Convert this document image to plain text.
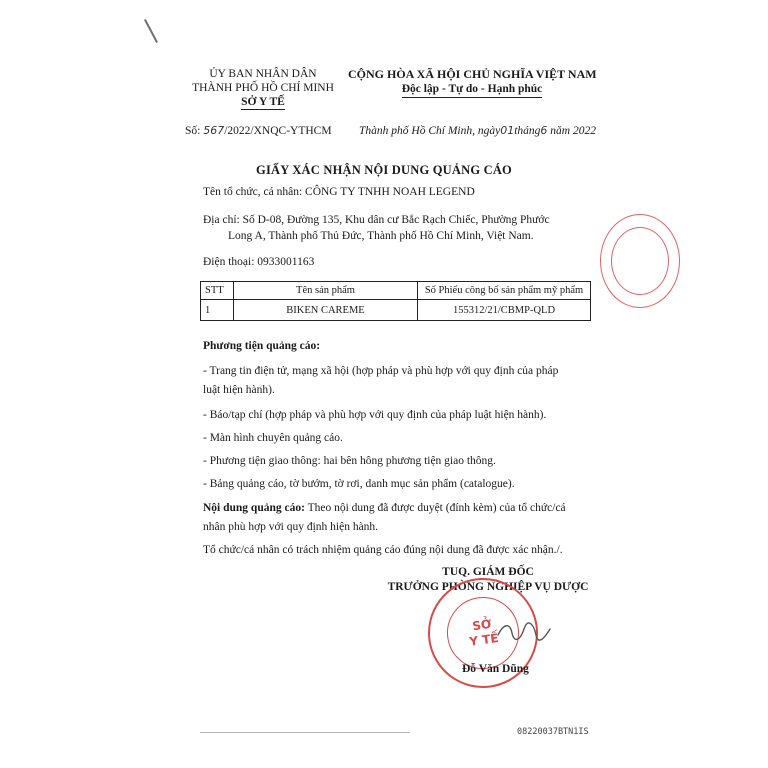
ỦY BAN NHÂN DÂN
THÀNH PHỐ HỒ CHÍ MINH
SỞ Y TẾ
CỘNG HÒA XÃ HỘI CHỦ NGHĨA VIỆT NAM
Độc lập - Tự do - Hạnh phúc
Số: 567/2022/XNQC-YTHCM Thành phố Hồ Chí Minh, ngày01tháng6 năm 2022
GIẤY XÁC NHẬN NỘI DUNG QUẢNG CÁO
Tên tổ chức, cá nhân: CÔNG TY TNHH NOAH LEGEND
Địa chỉ: Số D-08, Đường 135, Khu dân cư Bắc Rạch Chiếc, Phường Phước
Long A, Thành phố Thủ Đức, Thành phố Hồ Chí Minh, Việt Nam.
Điện thoại: 0933001163
STT	Tên sản phẩm	Số Phiếu công bố sản phẩm mỹ phẩm
1	BIKEN CAREME	155312/21/CBMP-QLD
Phương tiện quảng cáo:
- Trang tin điện tử, mạng xã hội (hợp pháp và phù hợp với quy định của pháp
luật hiện hành).
- Báo/tạp chí (hợp pháp và phù hợp với quy định của pháp luật hiện hành).
- Màn hình chuyên quảng cáo.
- Phương tiện giao thông: hai bên hông phương tiện giao thông.
- Bảng quảng cáo, tờ bướm, tờ rơi, danh mục sản phẩm (catalogue).
Nội dung quảng cáo: Theo nội dung đã được duyệt (đính kèm) của tổ chức/cá
nhân phù hợp với quy định hiện hành.
Tổ chức/cá nhân có trách nhiệm quảng cáo đúng nội dung đã được xác nhận./.
TUQ. GIÁM ĐỐC
TRƯỞNG PHÒNG NGHIỆP VỤ DƯỢC
SỞ
Y TẾ
Đỗ Văn Dũng
08220037BTN1IS
